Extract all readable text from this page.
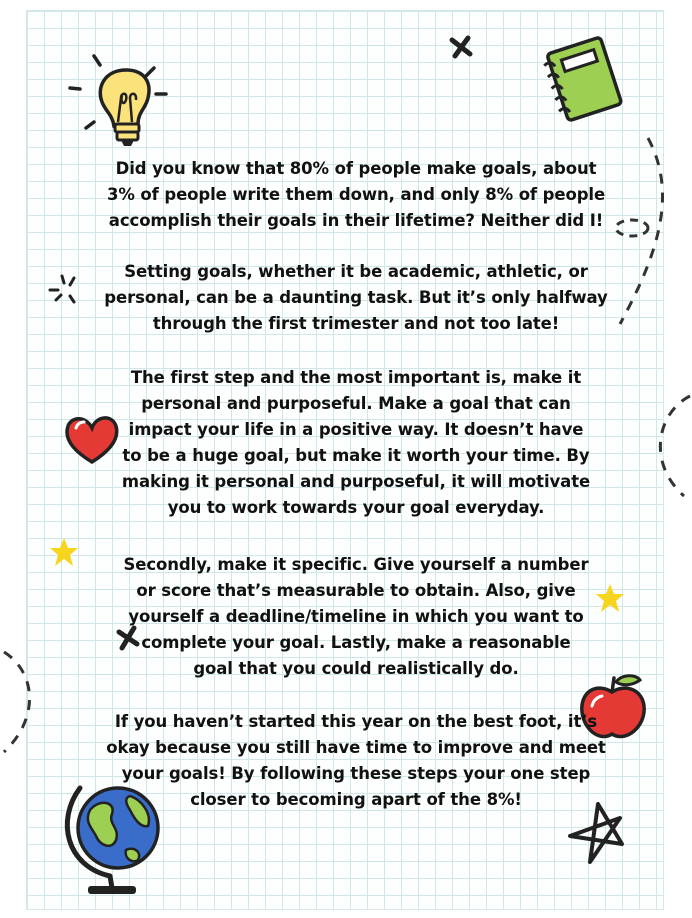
Did you know that 80% of people make goals, about
3% of people write them down, and only 8% of people
accomplish their goals in their lifetime? Neither did I!
Setting goals, whether it be academic, athletic, or
personal, can be a daunting task. But it’s only halfway
through the first trimester and not too late!
The first step and the most important is, make it
personal and purposeful. Make a goal that can
impact your life in a positive way. It doesn’t have
to be a huge goal, but make it worth your time. By
making it personal and purposeful, it will motivate
you to work towards your goal everyday.
Secondly, make it specific. Give yourself a number
or score that’s measurable to obtain. Also, give
yourself a deadline/timeline in which you want to
complete your goal. Lastly, make a reasonable
goal that you could realistically do.
If you haven’t started this year on the best foot, it’s
okay because you still have time to improve and meet
your goals! By following these steps your one step
closer to becoming apart of the 8%!
